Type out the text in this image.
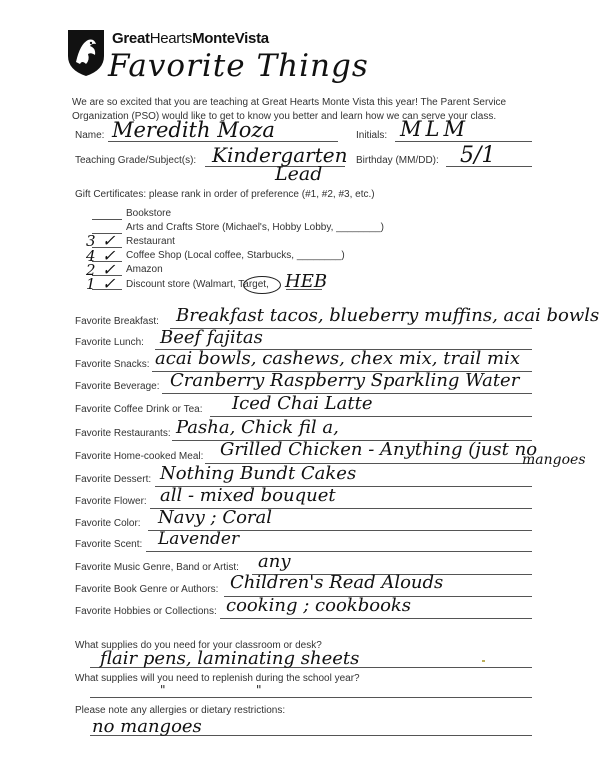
GreatHeartsMonteVista
Favorite Things
We are so excited that you are teaching at Great Hearts Monte Vista this year! The Parent Service Organization (PSO) would like to get to know you better and learn how we can serve your class.
Name: Meredith Moza	Initials: MLM
Teaching Grade/Subject(s): Kindergarten
Lead
Birthday (MM/DD): 5/1
Gift Certificates: please rank in order of preference (#1, #2, #3, etc.)
Bookstore
Arts and Crafts Store (Michael's, Hobby Lobby, ________)
3 ✓ Restaurant
4 ✓ Coffee Shop (Local coffee, Starbucks, ________)
2 ✓ Amazon
1 ✓ Discount store (Walmart, Target, HEB
Favorite Breakfast: Breakfast tacos, blueberry muffins, acai bowls
Favorite Lunch: Beef fajitas
Favorite Snacks: acai bowls, cashews, chex mix, trail mix
Favorite Beverage: Cranberry Raspberry Sparkling Water
Favorite Coffee Drink or Tea: Iced Chai Latte
Favorite Restaurants: Pasha, Chick fil a,
Favorite Home-cooked Meal: Grilled Chicken - Anything (just no
mangoes
Favorite Dessert: Nothing Bundt Cakes
Favorite Flower: all - mixed bouquet
Favorite Color: Navy ; Coral
Favorite Scent: Lavender
Favorite Music Genre, Band or Artist: any
Favorite Book Genre or Authors: Children's Read Alouds
Favorite Hobbies or Collections: cooking ; cookbooks
What supplies do you need for your classroom or desk?
flair pens, laminating sheets
What supplies will you need to replenish during the school year?
"	"
Please note any allergies or dietary restrictions:
no mangoes
